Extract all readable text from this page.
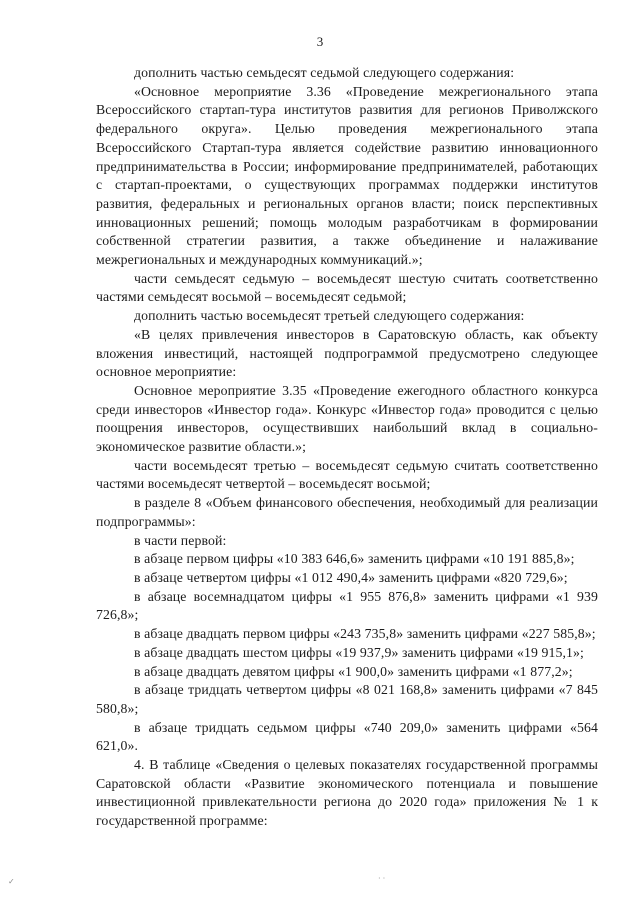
3

дополнить частью семьдесят седьмой следующего содержания:

«Основное мероприятие 3.36 «Проведение межрегионального этапа Всероссийского стартап-тура институтов развития для регионов Приволжского федерального округа». Целью проведения межрегионального этапа Всероссийского Стартап-тура является содействие развитию инновационного предпринимательства в России; информирование предпринимателей, работающих с стартап-проектами, о существующих программах поддержки институтов развития, федеральных и региональных органов власти; поиск перспективных инновационных решений; помощь молодым разработчикам в формировании собственной стратегии развития, а также объединение и налаживание межрегиональных и международных коммуникаций.»;

части семьдесят седьмую – восемьдесят шестую считать соответственно частями семьдесят восьмой – восемьдесят седьмой;

дополнить частью восемьдесят третьей следующего содержания:

«В целях привлечения инвесторов в Саратовскую область, как объекту вложения инвестиций, настоящей подпрограммой предусмотрено следующее основное мероприятие:

Основное мероприятие 3.35 «Проведение ежегодного областного конкурса среди инвесторов «Инвестор года». Конкурс «Инвестор года» проводится с целью поощрения инвесторов, осуществивших наибольший вклад в социально-экономическое развитие области.»;

части восемьдесят третью – восемьдесят седьмую считать соответственно частями восемьдесят четвертой – восемьдесят восьмой;

в разделе 8 «Объем финансового обеспечения, необходимый для реализации подпрограммы»:

в части первой:

в абзаце первом цифры «10 383 646,6» заменить цифрами «10 191 885,8»;

в абзаце четвертом цифры «1 012 490,4» заменить цифрами «820 729,6»;

в абзаце восемнадцатом цифры «1 955 876,8» заменить цифрами «1 939 726,8»;

в абзаце двадцать первом цифры «243 735,8» заменить цифрами «227 585,8»;

в абзаце двадцать шестом цифры «19 937,9» заменить цифрами «19 915,1»;

в абзаце двадцать девятом цифры «1 900,0» заменить цифрами «1 877,2»;

в абзаце тридцать четвертом цифры «8 021 168,8» заменить цифрами «7 845 580,8»;

в абзаце тридцать седьмом цифры «740 209,0» заменить цифрами «564 621,0».

4. В таблице «Сведения о целевых показателях государственной программы Саратовской области «Развитие экономического потенциала и повышение инвестиционной привлекательности региона до 2020 года» приложения № 1 к государственной программе:

✓	· ·
